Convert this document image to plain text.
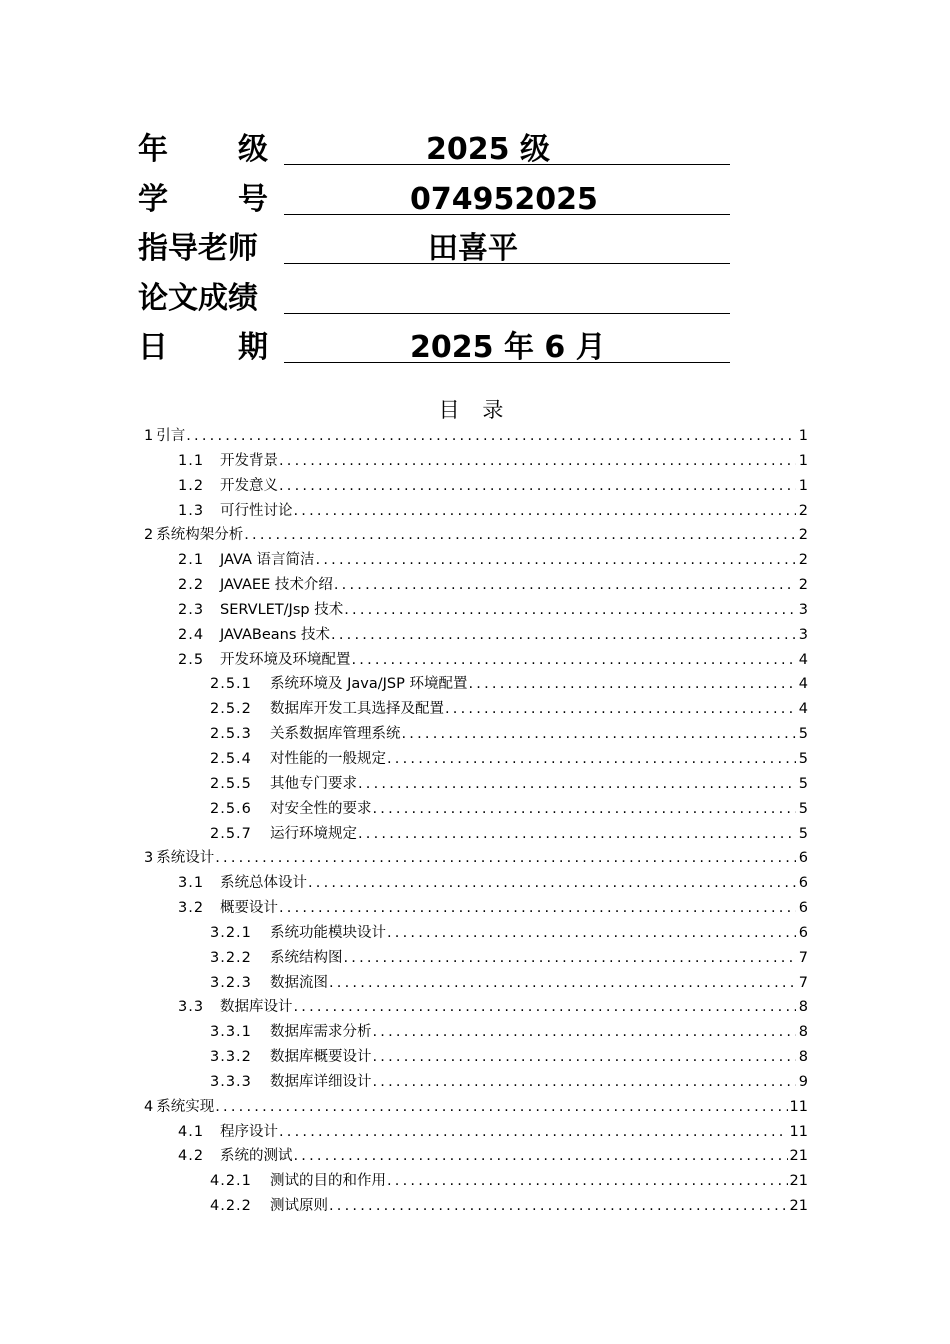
年 级	2025 级
学 号	074952025
指导老师	田喜平
论文成绩
日 期	2025 年 6 月
目 录
1 引言 .....	1
1.1	开发背景 .....	1
1.2	开发意义 .....	1
1.3	可行性讨论 .....	2
2 系统构架分析 .....	2
2.1	JAVA 语言简洁 .....	2
2.2	JAVAEE 技术介绍 .....	2
2.3	SERVLET/Jsp 技术 .....	3
2.4	JAVABeans 技术 .....	3
2.5	开发环境及环境配置 .....	4
2.5.1	系统环境及 Java/JSP 环境配置 .....	4
2.5.2	数据库开发工具选择及配置 .....	4
2.5.3	关系数据库管理系统 .....	5
2.5.4	对性能的一般规定 .....	5
2.5.5	其他专门要求 .....	5
2.5.6	对安全性的要求 .....	5
2.5.7	运行环境规定 .....	5
3 系统设计 .....	6
3.1	系统总体设计 .....	6
3.2	概要设计 .....	6
3.2.1	系统功能模块设计 .....	6
3.2.2	系统结构图 .....	7
3.2.3	数据流图 .....	7
3.3	数据库设计 .....	8
3.3.1	数据库需求分析 .....	8
3.3.2	数据库概要设计 .....	8
3.3.3	数据库详细设计 .....	9
4 系统实现 .....	11
4.1	程序设计 .....	11
4.2	系统的测试 .....	21
4.2.1	测试的目的和作用 .....	21
4.2.2	测试原则 .....	21
